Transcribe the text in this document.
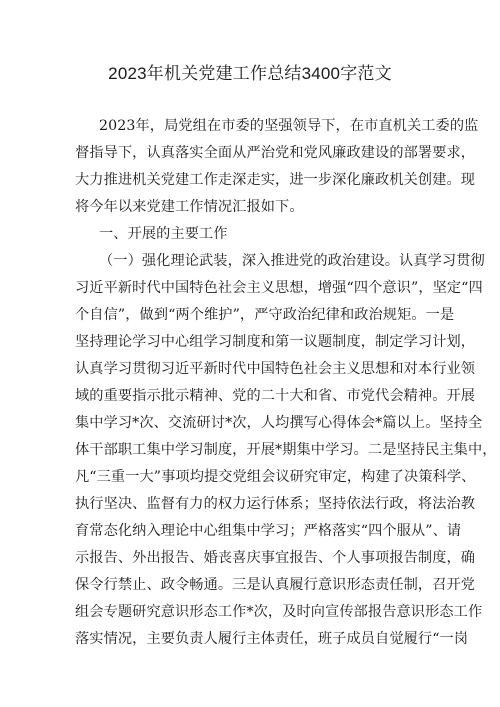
2023年机关党建工作总结3400字范文
2023年，局党组在市委的坚强领导下，在市直机关工委的监
督指导下，认真落实全面从严治党和党风廉政建设的部署要求，
大力推进机关党建工作走深走实，进一步深化廉政机关创建。现
将今年以来党建工作情况汇报如下。
一、开展的主要工作
（一）强化理论武装，深入推进党的政治建设。认真学习贯彻
习近平新时代中国特色社会主义思想，增强“四个意识”，坚定“四
个自信”，做到“两个维护”，严守政治纪律和政治规矩。一是
坚持理论学习中心组学习制度和第一议题制度，制定学习计划，
认真学习贯彻习近平新时代中国特色社会主义思想和对本行业领
域的重要指示批示精神、党的二十大和省、市党代会精神。开展
集中学习*次、交流研讨*次，人均撰写心得体会*篇以上。坚持全
体干部职工集中学习制度，开展*期集中学习。二是坚持民主集中，
凡“三重一大”事项均提交党组会议研究审定，构建了决策科学、
执行坚决、监督有力的权力运行体系；坚持依法行政，将法治教
育常态化纳入理论中心组集中学习；严格落实“四个服从”、请
示报告、外出报告、婚丧喜庆事宜报告、个人事项报告制度，确
保令行禁止、政令畅通。三是认真履行意识形态责任制，召开党
组会专题研究意识形态工作*次，及时向宣传部报告意识形态工作
落实情况，主要负责人履行主体责任，班子成员自觉履行“一岗
